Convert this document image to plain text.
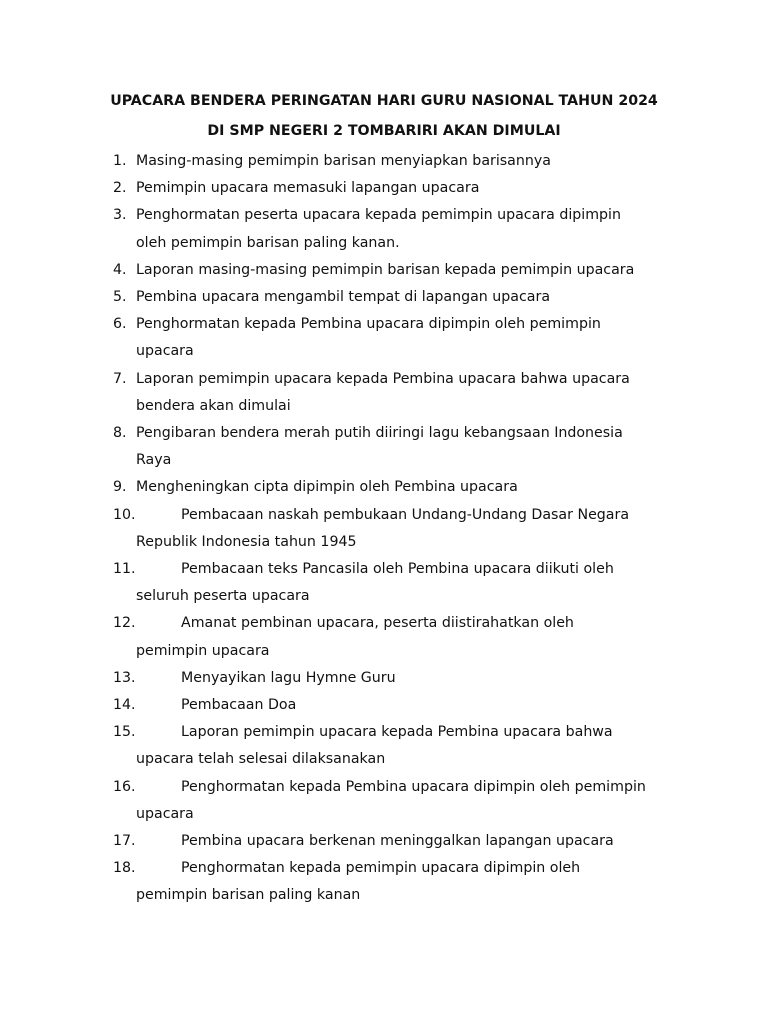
UPACARA BENDERA PERINGATAN HARI GURU NASIONAL TAHUN 2024
DI SMP NEGERI 2 TOMBARIRI AKAN DIMULAI
1. Masing-masing pemimpin barisan menyiapkan barisannya
2. Pemimpin upacara memasuki lapangan upacara
3. Penghormatan peserta upacara kepada pemimpin upacara dipimpin
oleh pemimpin barisan paling kanan.
4. Laporan masing-masing pemimpin barisan kepada pemimpin upacara
5. Pembina upacara mengambil tempat di lapangan upacara
6. Penghormatan kepada Pembina upacara dipimpin oleh pemimpin
upacara
7. Laporan pemimpin upacara kepada Pembina upacara bahwa upacara
bendera akan dimulai
8. Pengibaran bendera merah putih diiringi lagu kebangsaan Indonesia
Raya
9. Mengheningkan cipta dipimpin oleh Pembina upacara
10.	Pembacaan naskah pembukaan Undang-Undang Dasar Negara
Republik Indonesia tahun 1945
11.	Pembacaan teks Pancasila oleh Pembina upacara diikuti oleh
seluruh peserta upacara
12.	Amanat pembinan upacara, peserta diistirahatkan oleh
pemimpin upacara
13.	Menyayikan lagu Hymne Guru
14.	Pembacaan Doa
15.	Laporan pemimpin upacara kepada Pembina upacara bahwa
upacara telah selesai dilaksanakan
16.	Penghormatan kepada Pembina upacara dipimpin oleh pemimpin
upacara
17.	Pembina upacara berkenan meninggalkan lapangan upacara
18.	Penghormatan kepada pemimpin upacara dipimpin oleh
pemimpin barisan paling kanan
